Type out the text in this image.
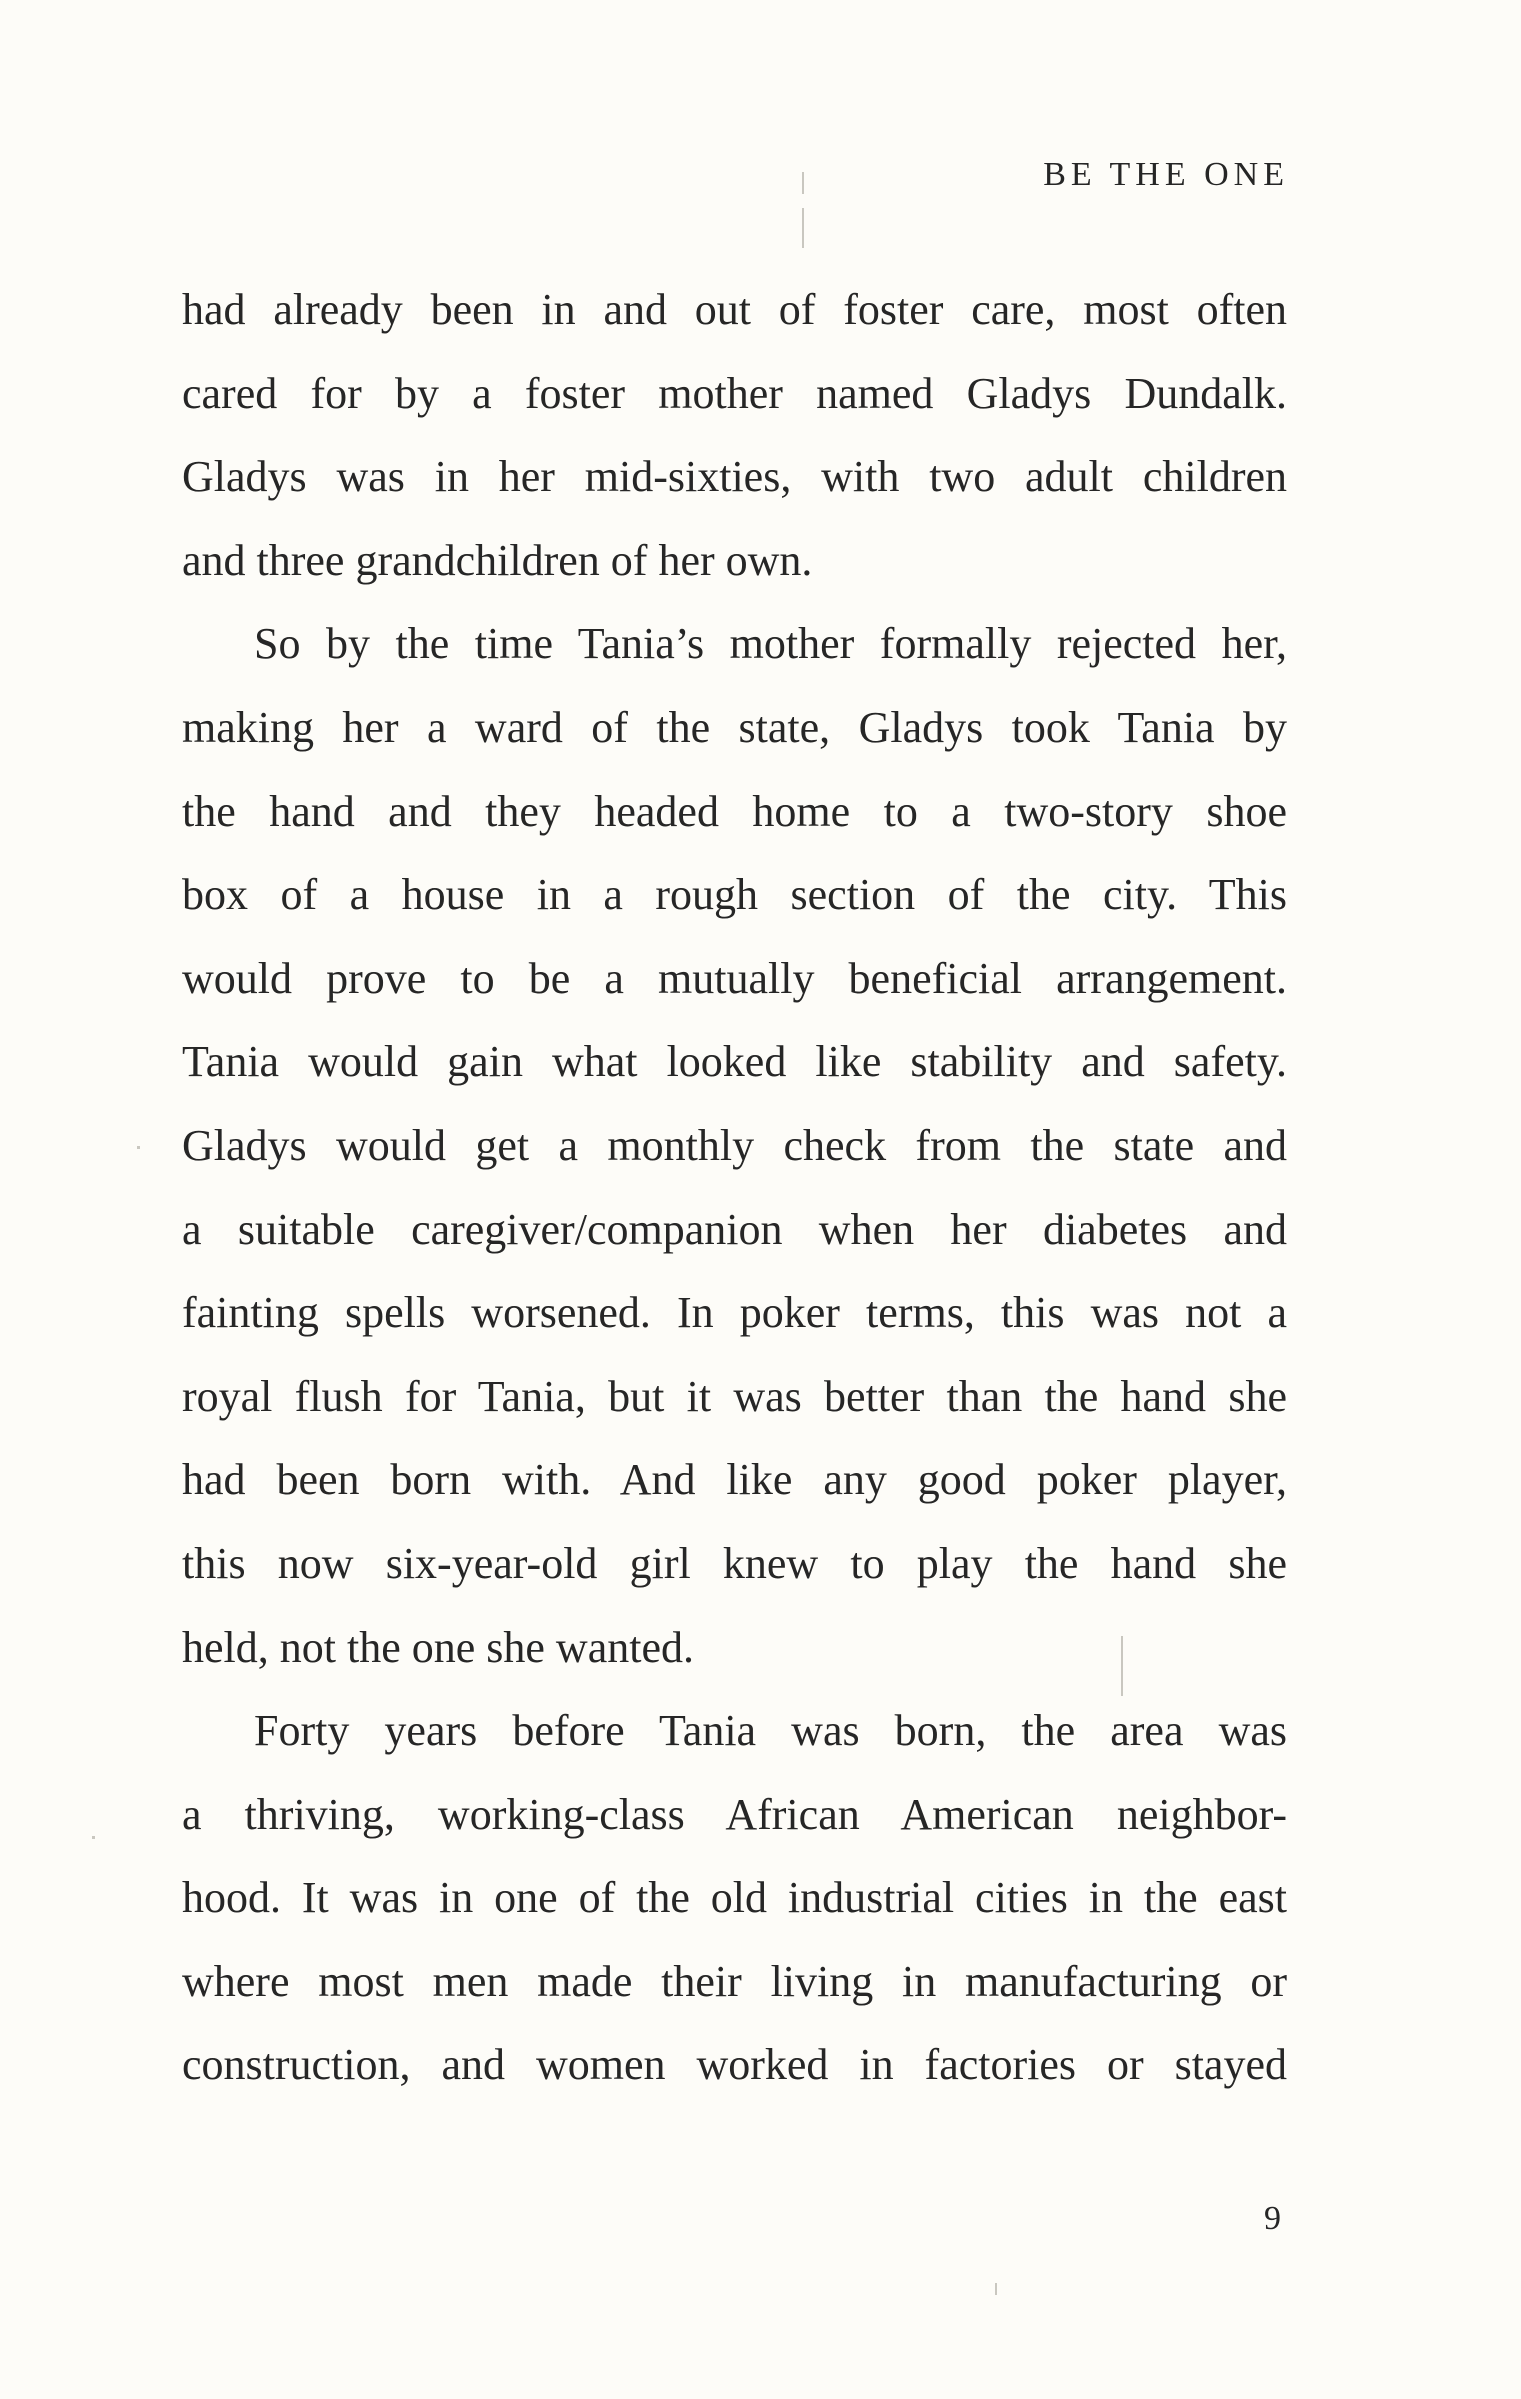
BE THE ONE
had already been in and out of foster care, most often
cared for by a foster mother named Gladys Dundalk.
Gladys was in her mid-sixties, with two adult children
and three grandchildren of her own.
So by the time Tania’s mother formally rejected her,
making her a ward of the state, Gladys took Tania by
the hand and they headed home to a two-story shoe
box of a house in a rough section of the city. This
would prove to be a mutually beneficial arrangement.
Tania would gain what looked like stability and safety.
Gladys would get a monthly check from the state and
a suitable caregiver/companion when her diabetes and
fainting spells worsened. In poker terms, this was not a
royal flush for Tania, but it was better than the hand she
had been born with. And like any good poker player,
this now six-year-old girl knew to play the hand she
held, not the one she wanted.
Forty years before Tania was born, the area was
a thriving, working-class African American neighbor-
hood. It was in one of the old industrial cities in the east
where most men made their living in manufacturing or
construction, and women worked in factories or stayed
9
